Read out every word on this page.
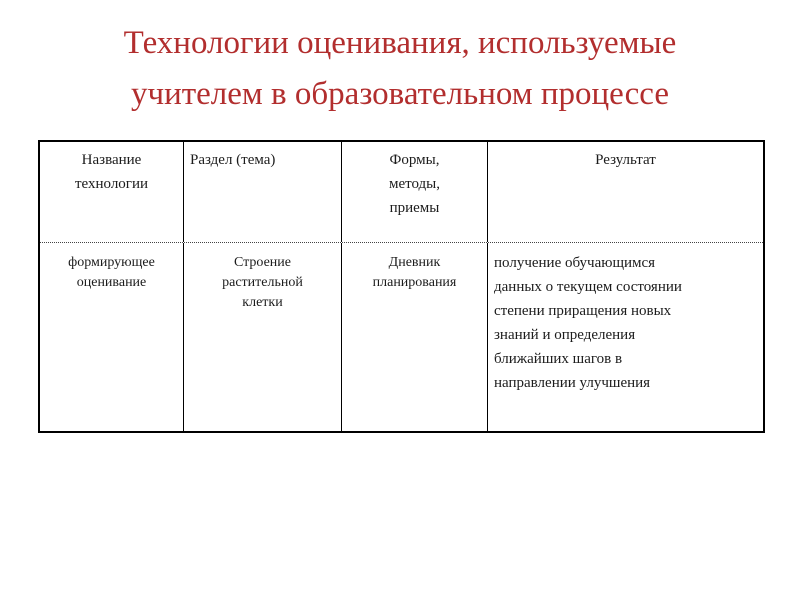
Технологии оценивания, используемые
учителем в образовательном процессе
Название
технологии
Раздел (тема)	Формы,
методы,
приемы
Результат
формирующее
оценивание
Строение
растительной
клетки
Дневник
планирования
получение обучающимся
данных о текущем состоянии
степени приращения новых
знаний и определения
ближайших шагов в
направлении улучшения
